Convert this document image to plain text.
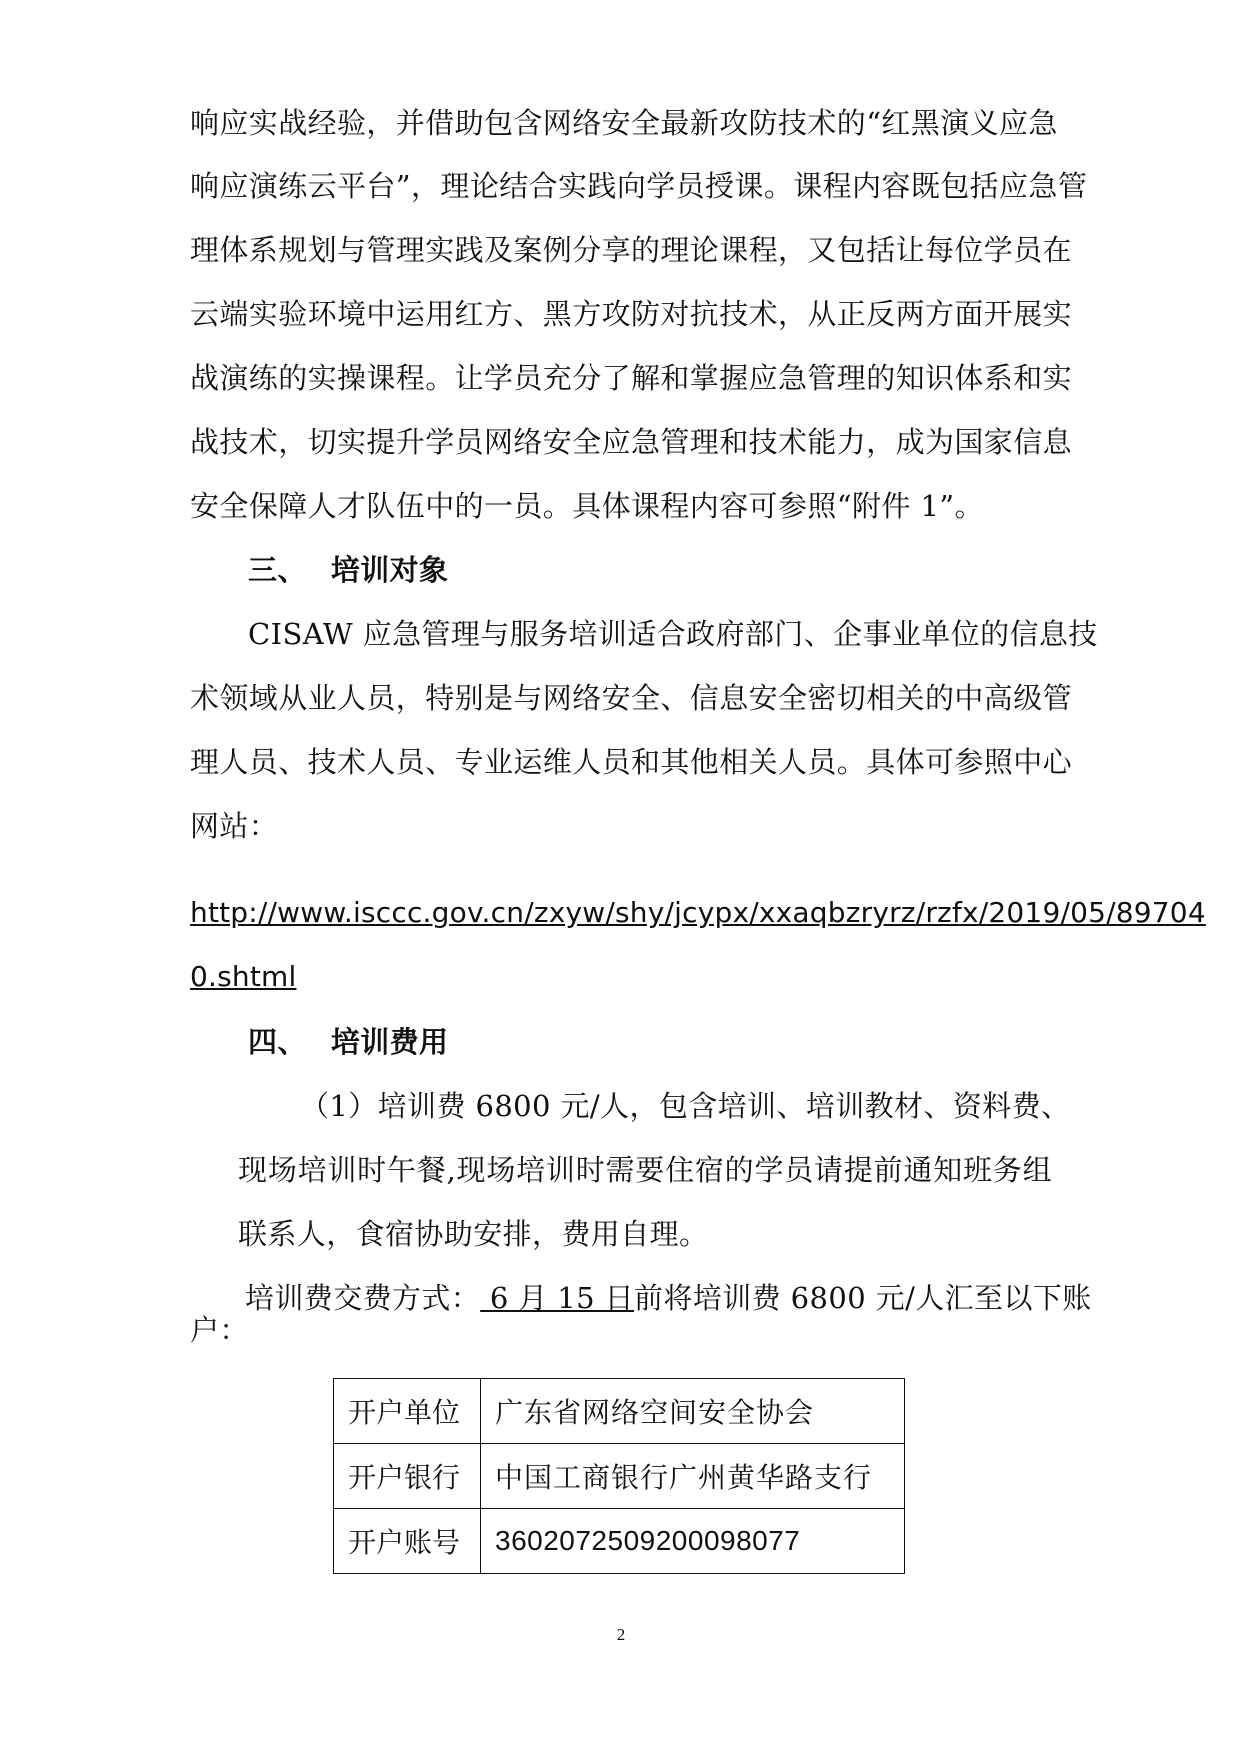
响应实战经验，并借助包含网络安全最新攻防技术的“红黑演义应急
响应演练云平台”，理论结合实践向学员授课。课程内容既包括应急管
理体系规划与管理实践及案例分享的理论课程，又包括让每位学员在
云端实验环境中运用红方、黑方攻防对抗技术，从正反两方面开展实
战演练的实操课程。让学员充分了解和掌握应急管理的知识体系和实
战技术，切实提升学员网络安全应急管理和技术能力，成为国家信息
安全保障人才队伍中的一员。具体课程内容可参照“附件 1”。
三、 培训对象
CISAW 应急管理与服务培训适合政府部门、企事业单位的信息技
术领域从业人员，特别是与网络安全、信息安全密切相关的中高级管
理人员、技术人员、专业运维人员和其他相关人员。具体可参照中心
网站：
http://www.isccc.gov.cn/zxyw/shy/jcypx/xxaqbzryrz/rzfx/2019/05/89704
0.shtml
四、 培训费用
（1）培训费 6800 元/人，包含培训、培训教材、资料费、
现场培训时午餐,现场培训时需要住宿的学员请提前通知班务组
联系人，食宿协助安排，费用自理。
培训费交费方式： 6 月 15 日前将培训费 6800 元/人汇至以下账
户：
开户单位	广东省网络空间安全协会
开户银行	中国工商银行广州黄华路支行
开户账号	3602072509200098077
2
